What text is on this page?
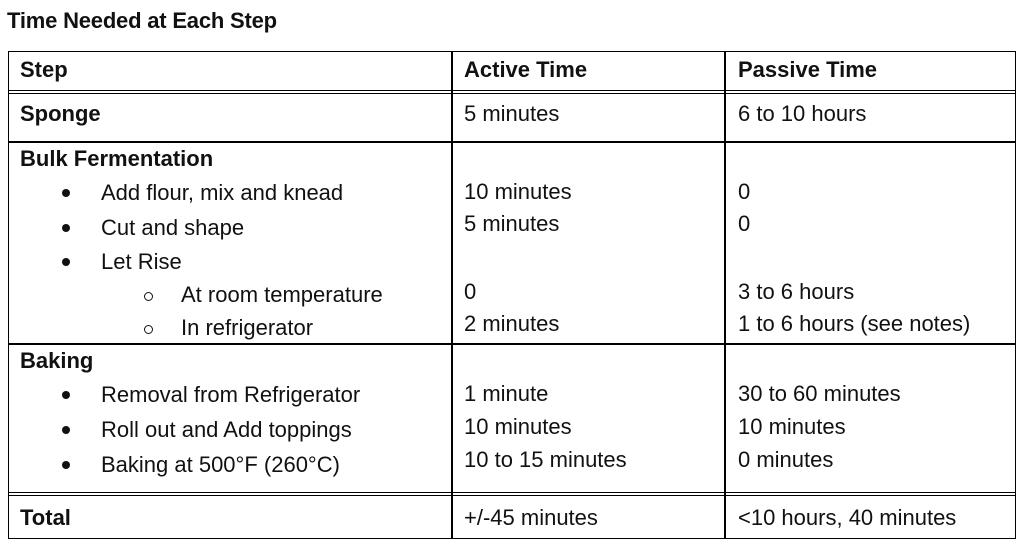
Time Needed at Each Step
Step	Active Time	Passive Time
Sponge	5 minutes	6 to 10 hours
Bulk Fermentation
Add flour, mix and knead	10 minutes	0
Cut and shape	5 minutes	0
Let Rise
At room temperature	0	3 to 6 hours
In refrigerator	2 minutes	1 to 6 hours (see notes)
Baking
Removal from Refrigerator	1 minute	30 to 60 minutes
Roll out and Add toppings	10 minutes	10 minutes
Baking at 500°F (260°C)	10 to 15 minutes	0 minutes
Total	+/-45 minutes	<10 hours, 40 minutes
